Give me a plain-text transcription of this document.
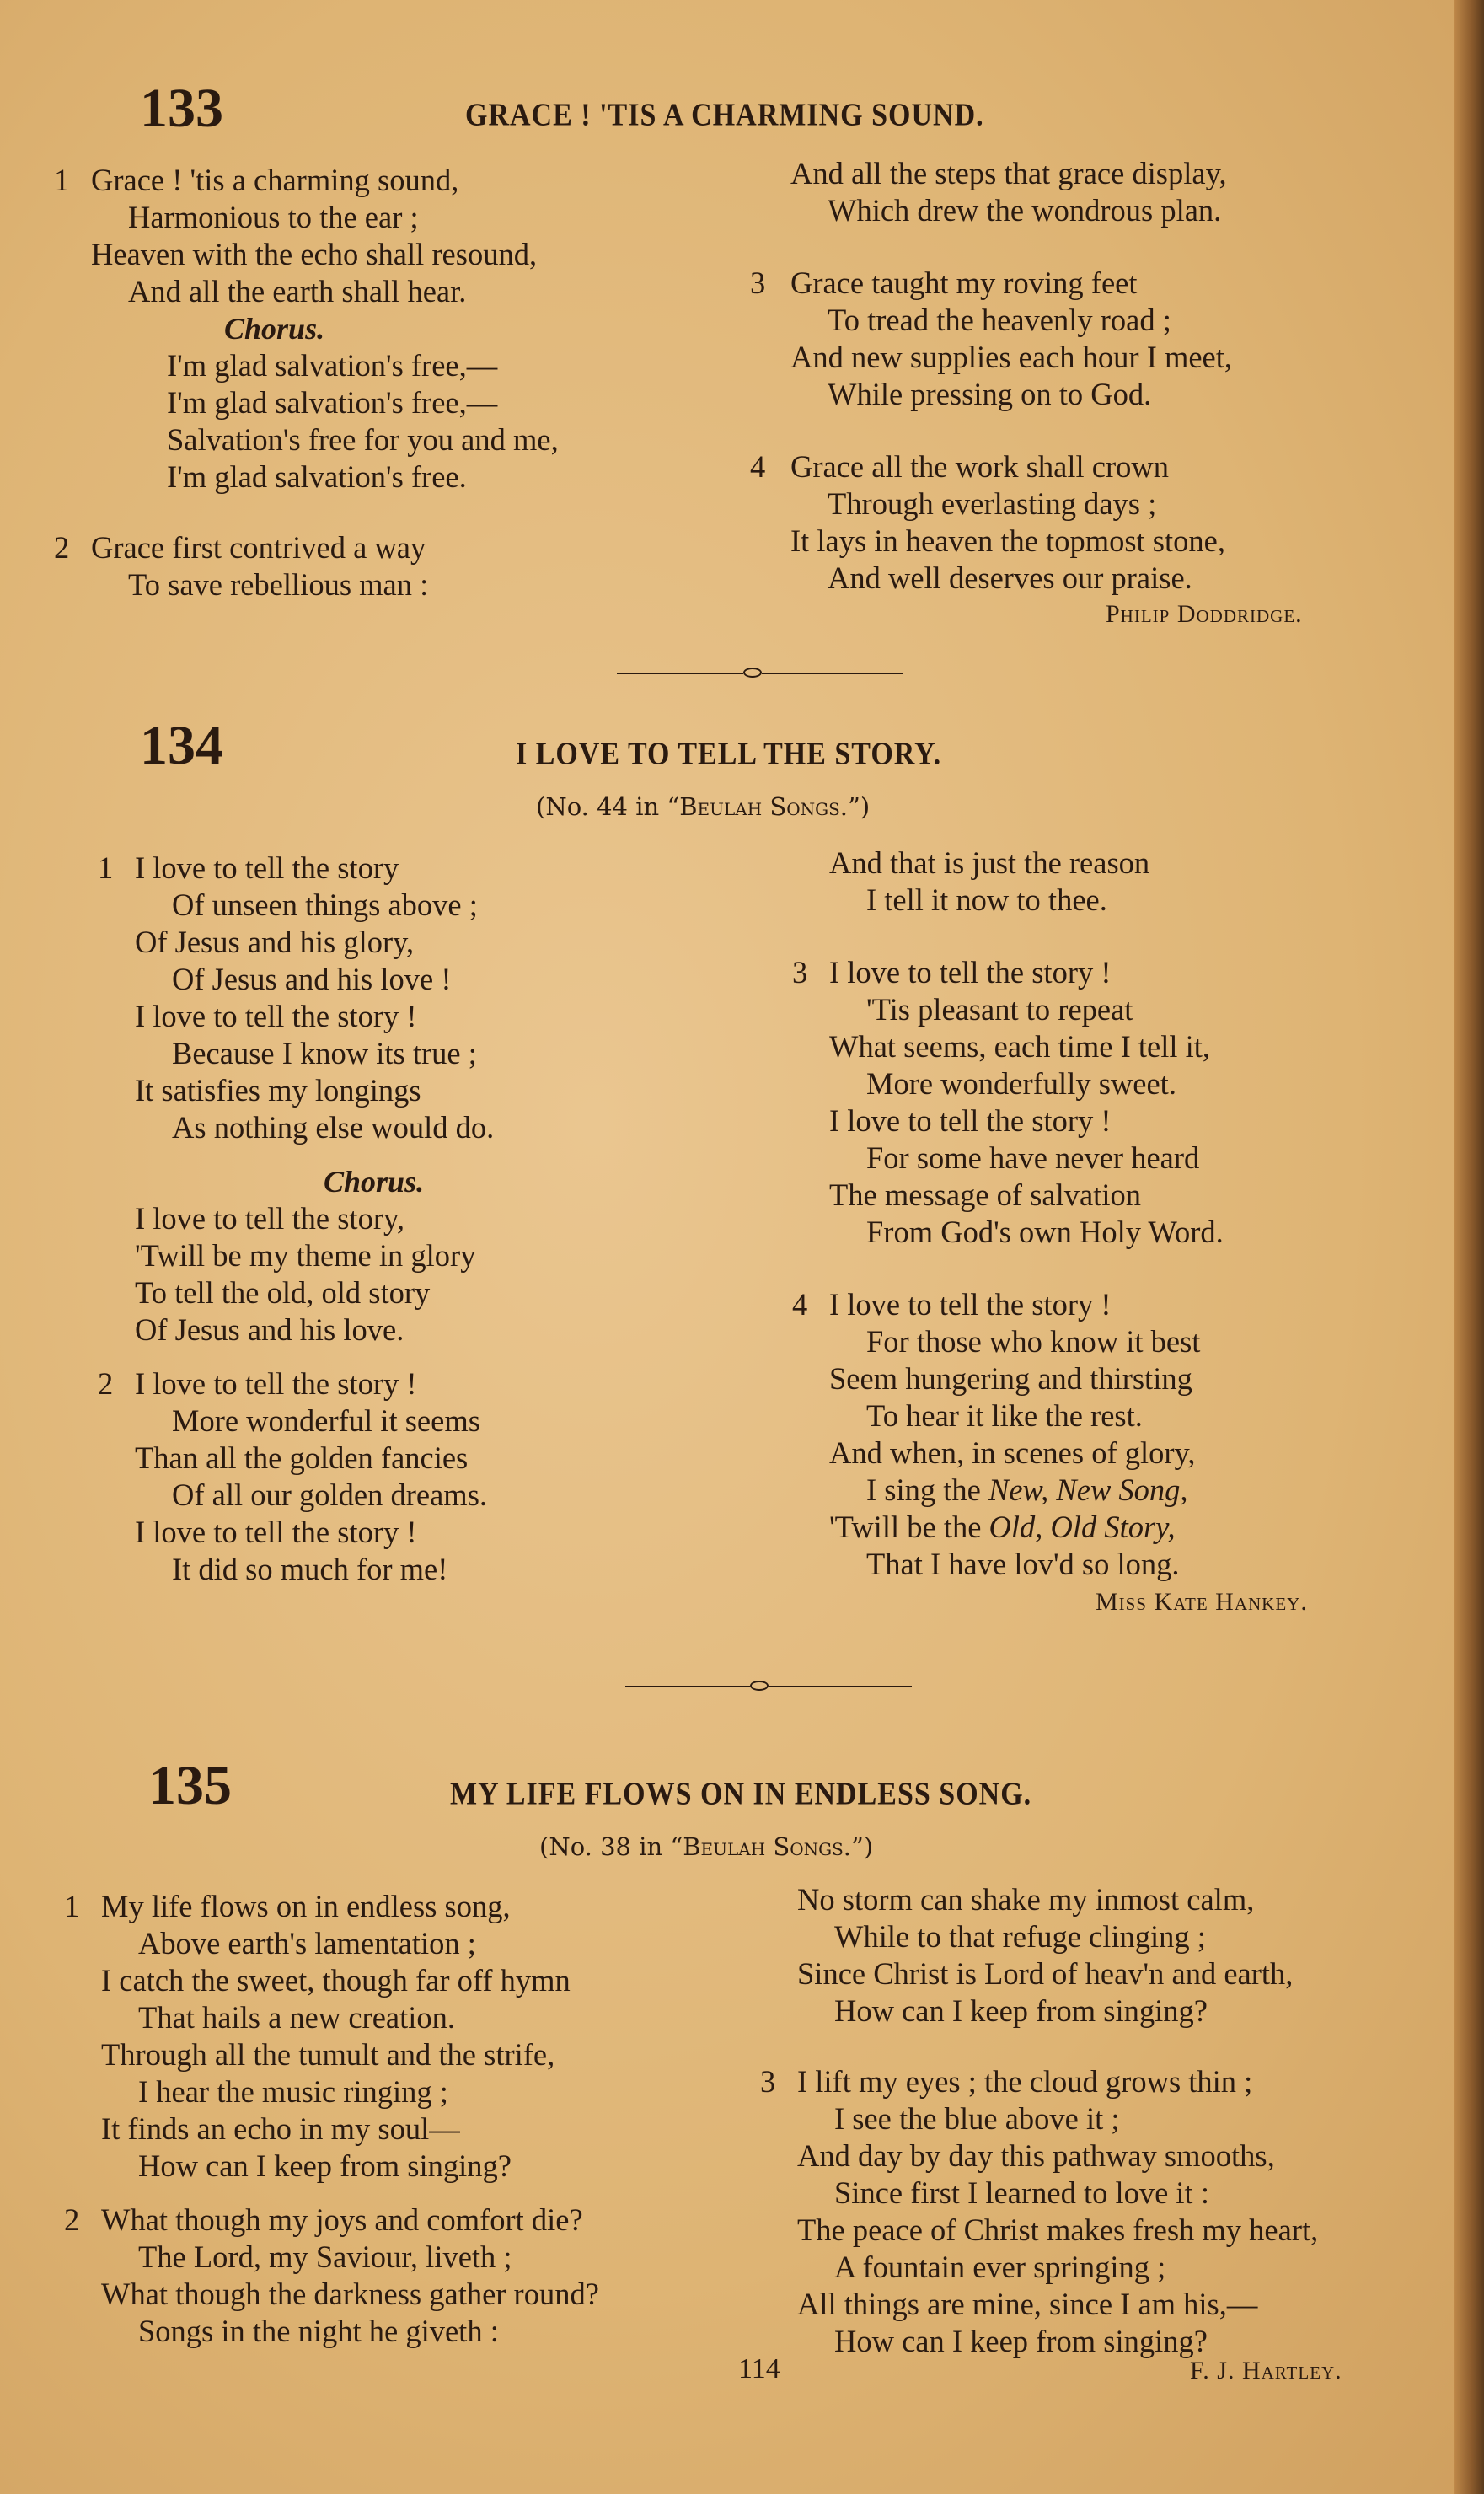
133	GRACE ! 'TIS A CHARMING SOUND.
1 Grace ! 'tis a charming sound,
Harmonious to the ear ;
Heaven with the echo shall resound,
And all the earth shall hear.
Chorus.
I'm glad salvation's free,—
I'm glad salvation's free,—
Salvation's free for you and me,
I'm glad salvation's free.
2 Grace first contrived a way
To save rebellious man :
And all the steps that grace display,
Which drew the wondrous plan.
3 Grace taught my roving feet
To tread the heavenly road ;
And new supplies each hour I meet,
While pressing on to God.
4 Grace all the work shall crown
Through everlasting days ;
It lays in heaven the topmost stone,
And well deserves our praise.
Philip Doddridge.
134	I LOVE TO TELL THE STORY.
(No. 44 in “Beulah Songs.”)
1 I love to tell the story
Of unseen things above ;
Of Jesus and his glory,
Of Jesus and his love !
I love to tell the story !
Because I know its true ;
It satisfies my longings
As nothing else would do.
Chorus.
I love to tell the story,
'Twill be my theme in glory
To tell the old, old story
Of Jesus and his love.
2 I love to tell the story !
More wonderful it seems
Than all the golden fancies
Of all our golden dreams.
I love to tell the story !
It did so much for me!
And that is just the reason
I tell it now to thee.
3 I love to tell the story !
'Tis pleasant to repeat
What seems, each time I tell it,
More wonderfully sweet.
I love to tell the story !
For some have never heard
The message of salvation
From God's own Holy Word.
4 I love to tell the story !
For those who know it best
Seem hungering and thirsting
To hear it like the rest.
And when, in scenes of glory,
I sing the New, New Song,
'Twill be the Old, Old Story,
That I have lov'd so long.
Miss Kate Hankey.
135	MY LIFE FLOWS ON IN ENDLESS SONG.
(No. 38 in “Beulah Songs.”)
1 My life flows on in endless song,
Above earth's lamentation ;
I catch the sweet, though far off hymn
That hails a new creation.
Through all the tumult and the strife,
I hear the music ringing ;
It finds an echo in my soul—
How can I keep from singing?
2 What though my joys and comfort die?
The Lord, my Saviour, liveth ;
What though the darkness gather round?
Songs in the night he giveth :
No storm can shake my inmost calm,
While to that refuge clinging ;
Since Christ is Lord of heav'n and earth,
How can I keep from singing?
3 I lift my eyes ; the cloud grows thin ;
I see the blue above it ;
And day by day this pathway smooths,
Since first I learned to love it :
The peace of Christ makes fresh my heart,
A fountain ever springing ;
All things are mine, since I am his,—
How can I keep from singing?
114	F. J. Hartley.
